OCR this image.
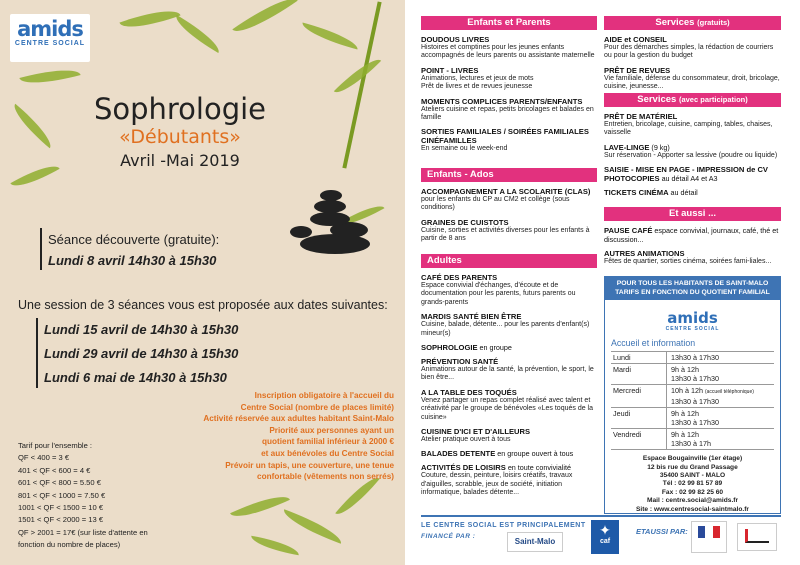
amids
CENTRE SOCIAL
Sophrologie
«Débutants»
Avril -Mai 2019
Séance découverte (gratuite):
Lundi 8 avril 14h30 à 15h30
Une session de 3 séances vous est proposée aux dates suivantes:
Lundi 15 avril de 14h30 à 15h30
Lundi 29 avril de 14h30 à 15h30
Lundi 6 mai de 14h30 à 15h30
Inscription obligatoire à l'accueil du
Centre Social (nombre de places limité)
Activité réservée aux adultes habitant Saint-Malo
Priorité aux personnes ayant un
quotient familial inférieur à 2000 €
et aux bénévoles du Centre Social
Prévoir un tapis, une couverture, une tenue
confortable (vêtements non serrés)
Tarif pour l'ensemble :
QF < 400 = 3 €
401 < QF < 600 = 4 €
601 < QF < 800 = 5.50 €
801 < QF < 1000 = 7.50 €
1001 < QF < 1500 = 10 €
1501 < QF < 2000 = 13 €
QF > 2001 = 17€ (sur liste d'attente en
fonction du nombre de places)
Enfants et Parents
DOUDOUS LIVRES
Histoires et comptines pour les jeunes enfants accompagnés de leurs parents ou assistante maternelle
POINT - LIVRES
Animations, lectures et jeux de mots
Prêt de livres et de revues jeunesse
MOMENTS COMPLICES PARENTS/ENFANTS
Ateliers cuisine et repas, petits bricolages et balades en famille
SORTIES FAMILIALES / SOIRÉES FAMILIALES CINÉFAMILLES
En semaine ou le week-end
Enfants - Ados
ACCOMPAGNEMENT A LA SCOLARITE (CLAS)
pour les enfants du CP au CM2 et collège (sous conditions)
GRAINES DE CUISTOTS
Cuisine, sorties et activités diverses pour les enfants à partir de 8 ans
Adultes
CAFÉ DES PARENTS
Espace convivial d'échanges, d'écoute et de documentation pour les parents, futurs parents ou grands-parents
MARDIS SANTÉ BIEN ÊTRE
Cuisine, balade, détente... pour les parents d'enfant(s) mineur(s)
SOPHROLOGIE en groupe
PRÉVENTION SANTÉ
Animations autour de la santé, la prévention, le sport, le bien être...
A LA TABLE DES TOQUÉS
Venez partager un repas complet réalisé avec talent et créativité par le groupe de bénévoles «Les toqués de la cuisine»
CUISINE D'ICI ET D'AILLEURS
Atelier pratique ouvert à tous
BALADES DETENTE en groupe ouvert à tous
ACTIVITÉS DE LOISIRS en toute convivialité
Couture, dessin, peinture, loisirs créatifs, travaux d'aiguilles, scrabble, jeux de société, initiation informatique, balades détente...
Services (gratuits)
AIDE et CONSEIL
Pour des démarches simples, la rédaction de courriers ou pour la gestion du budget
PRÊT DE REVUES
Vie familiale, défense du consommateur, droit, bricolage, cuisine, jeunesse...
Services (avec participation)
PRÊT DE MATÉRIEL
Entretien, bricolage, cuisine, camping, tables, chaises, vaisselle
LAVE-LINGE (9 kg)
Sur réservation - Apporter sa lessive (poudre ou liquide)
SAISIE - MISE EN PAGE - IMPRESSION de CV
PHOTOCOPIES au détail A4 et A3
TICKETS CINÉMA au détail
Et aussi ...
PAUSE CAFÉ espace convivial, journaux, café, thé et discussion...
AUTRES ANIMATIONS
Fêtes de quartier, sorties cinéma, soirées fami-liales...
POUR TOUS LES HABITANTS DE SAINT-MALO
TARIFS EN FONCTION DU QUOTIENT FAMILIAL
amids
CENTRE SOCIAL
Accueil et information
Lundi	13h30 à 17h30
Mardi	9h à 12h
13h30 à 17h30
Mercredi	10h à 12h (accueil téléphonique)
13h30 à 17h30
Jeudi	9h à 12h
13h30 à 17h30
Vendredi	9h à 12h
13h30 à 17h
Espace Bougainville (1er étage)
12 bis rue du Grand Passage
35400 SAINT - MALO
Tél : 02 99 81 57 89
Fax : 02 99 82 25 60
Mail : centre.social@amids.fr
Site : www.centresocial-saintmalo.fr
LE CENTRE SOCIAL EST PRINCIPALEMENT
FINANCÉ PAR :
Saint-Malo
✦
caf
ETAUSSI PAR:
